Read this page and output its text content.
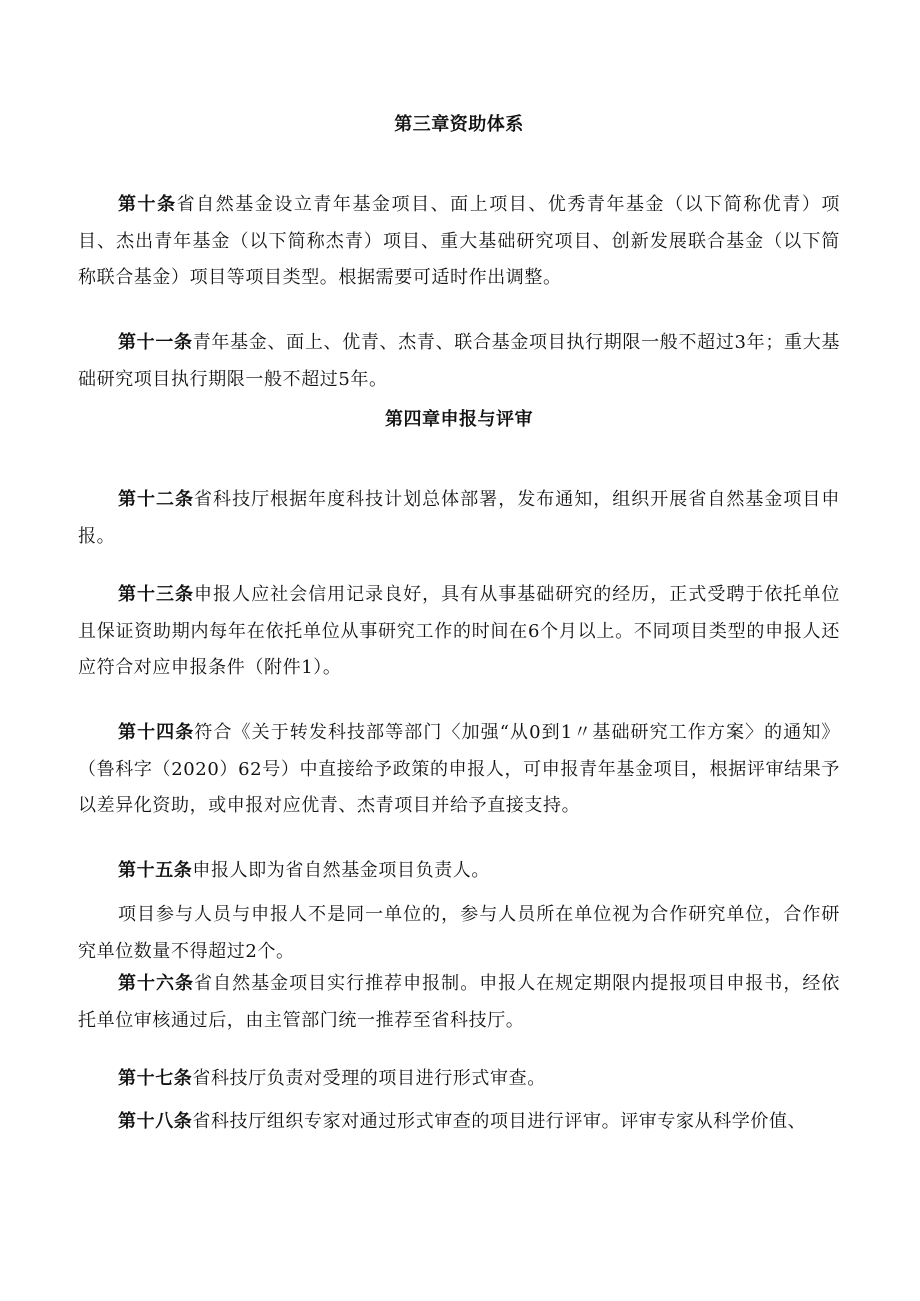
第三章资助体系
第十条省自然基金设立青年基金项目、面上项目、优秀青年基金（以下简称优青）项目、杰出青年基金（以下简称杰青）项目、重大基础研究项目、创新发展联合基金（以下简称联合基金）项目等项目类型。根据需要可适时作出调整。
第十一条青年基金、面上、优青、杰青、联合基金项目执行期限一般不超过3年；重大基础研究项目执行期限一般不超过5年。
第四章申报与评审
第十二条省科技厅根据年度科技计划总体部署，发布通知，组织开展省自然基金项目申报。
第十三条申报人应社会信用记录良好，具有从事基础研究的经历，正式受聘于依托单位且保证资助期内每年在依托单位从事研究工作的时间在6个月以上。不同项目类型的申报人还应符合对应申报条件（附件1）。
第十四条符合《关于转发科技部等部门〈加强“从0到1〃基础研究工作方案〉的通知》（鲁科字（2020）62号）中直接给予政策的申报人，可申报青年基金项目，根据评审结果予以差异化资助，或申报对应优青、杰青项目并给予直接支持。
第十五条申报人即为省自然基金项目负责人。
项目参与人员与申报人不是同一单位的，参与人员所在单位视为合作研究单位，合作研究单位数量不得超过2个。
第十六条省自然基金项目实行推荐申报制。申报人在规定期限内提报项目申报书，经依托单位审核通过后，由主管部门统一推荐至省科技厅。
第十七条省科技厅负责对受理的项目进行形式审查。
第十八条省科技厅组织专家对通过形式审查的项目进行评审。评审专家从科学价值、
